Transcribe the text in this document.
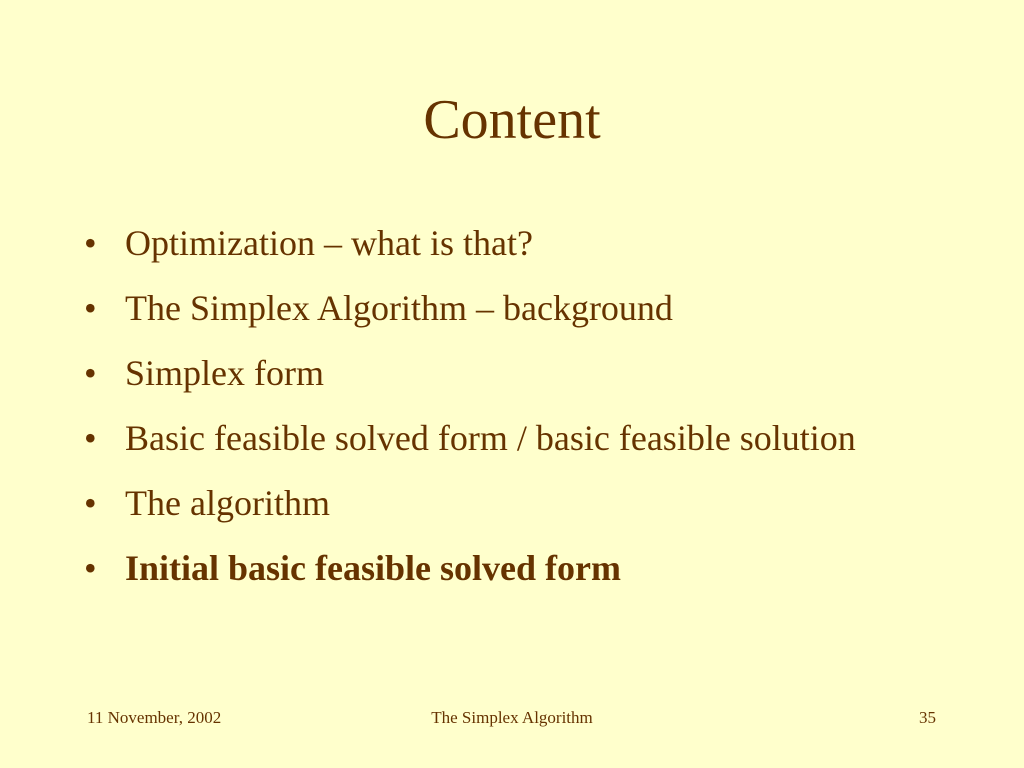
Content
• Optimization – what is that?
• The Simplex Algorithm – background
• Simplex form
• Basic feasible solved form / basic feasible solution
• The algorithm
• Initial basic feasible solved form
11 November, 2002	The Simplex Algorithm	35
